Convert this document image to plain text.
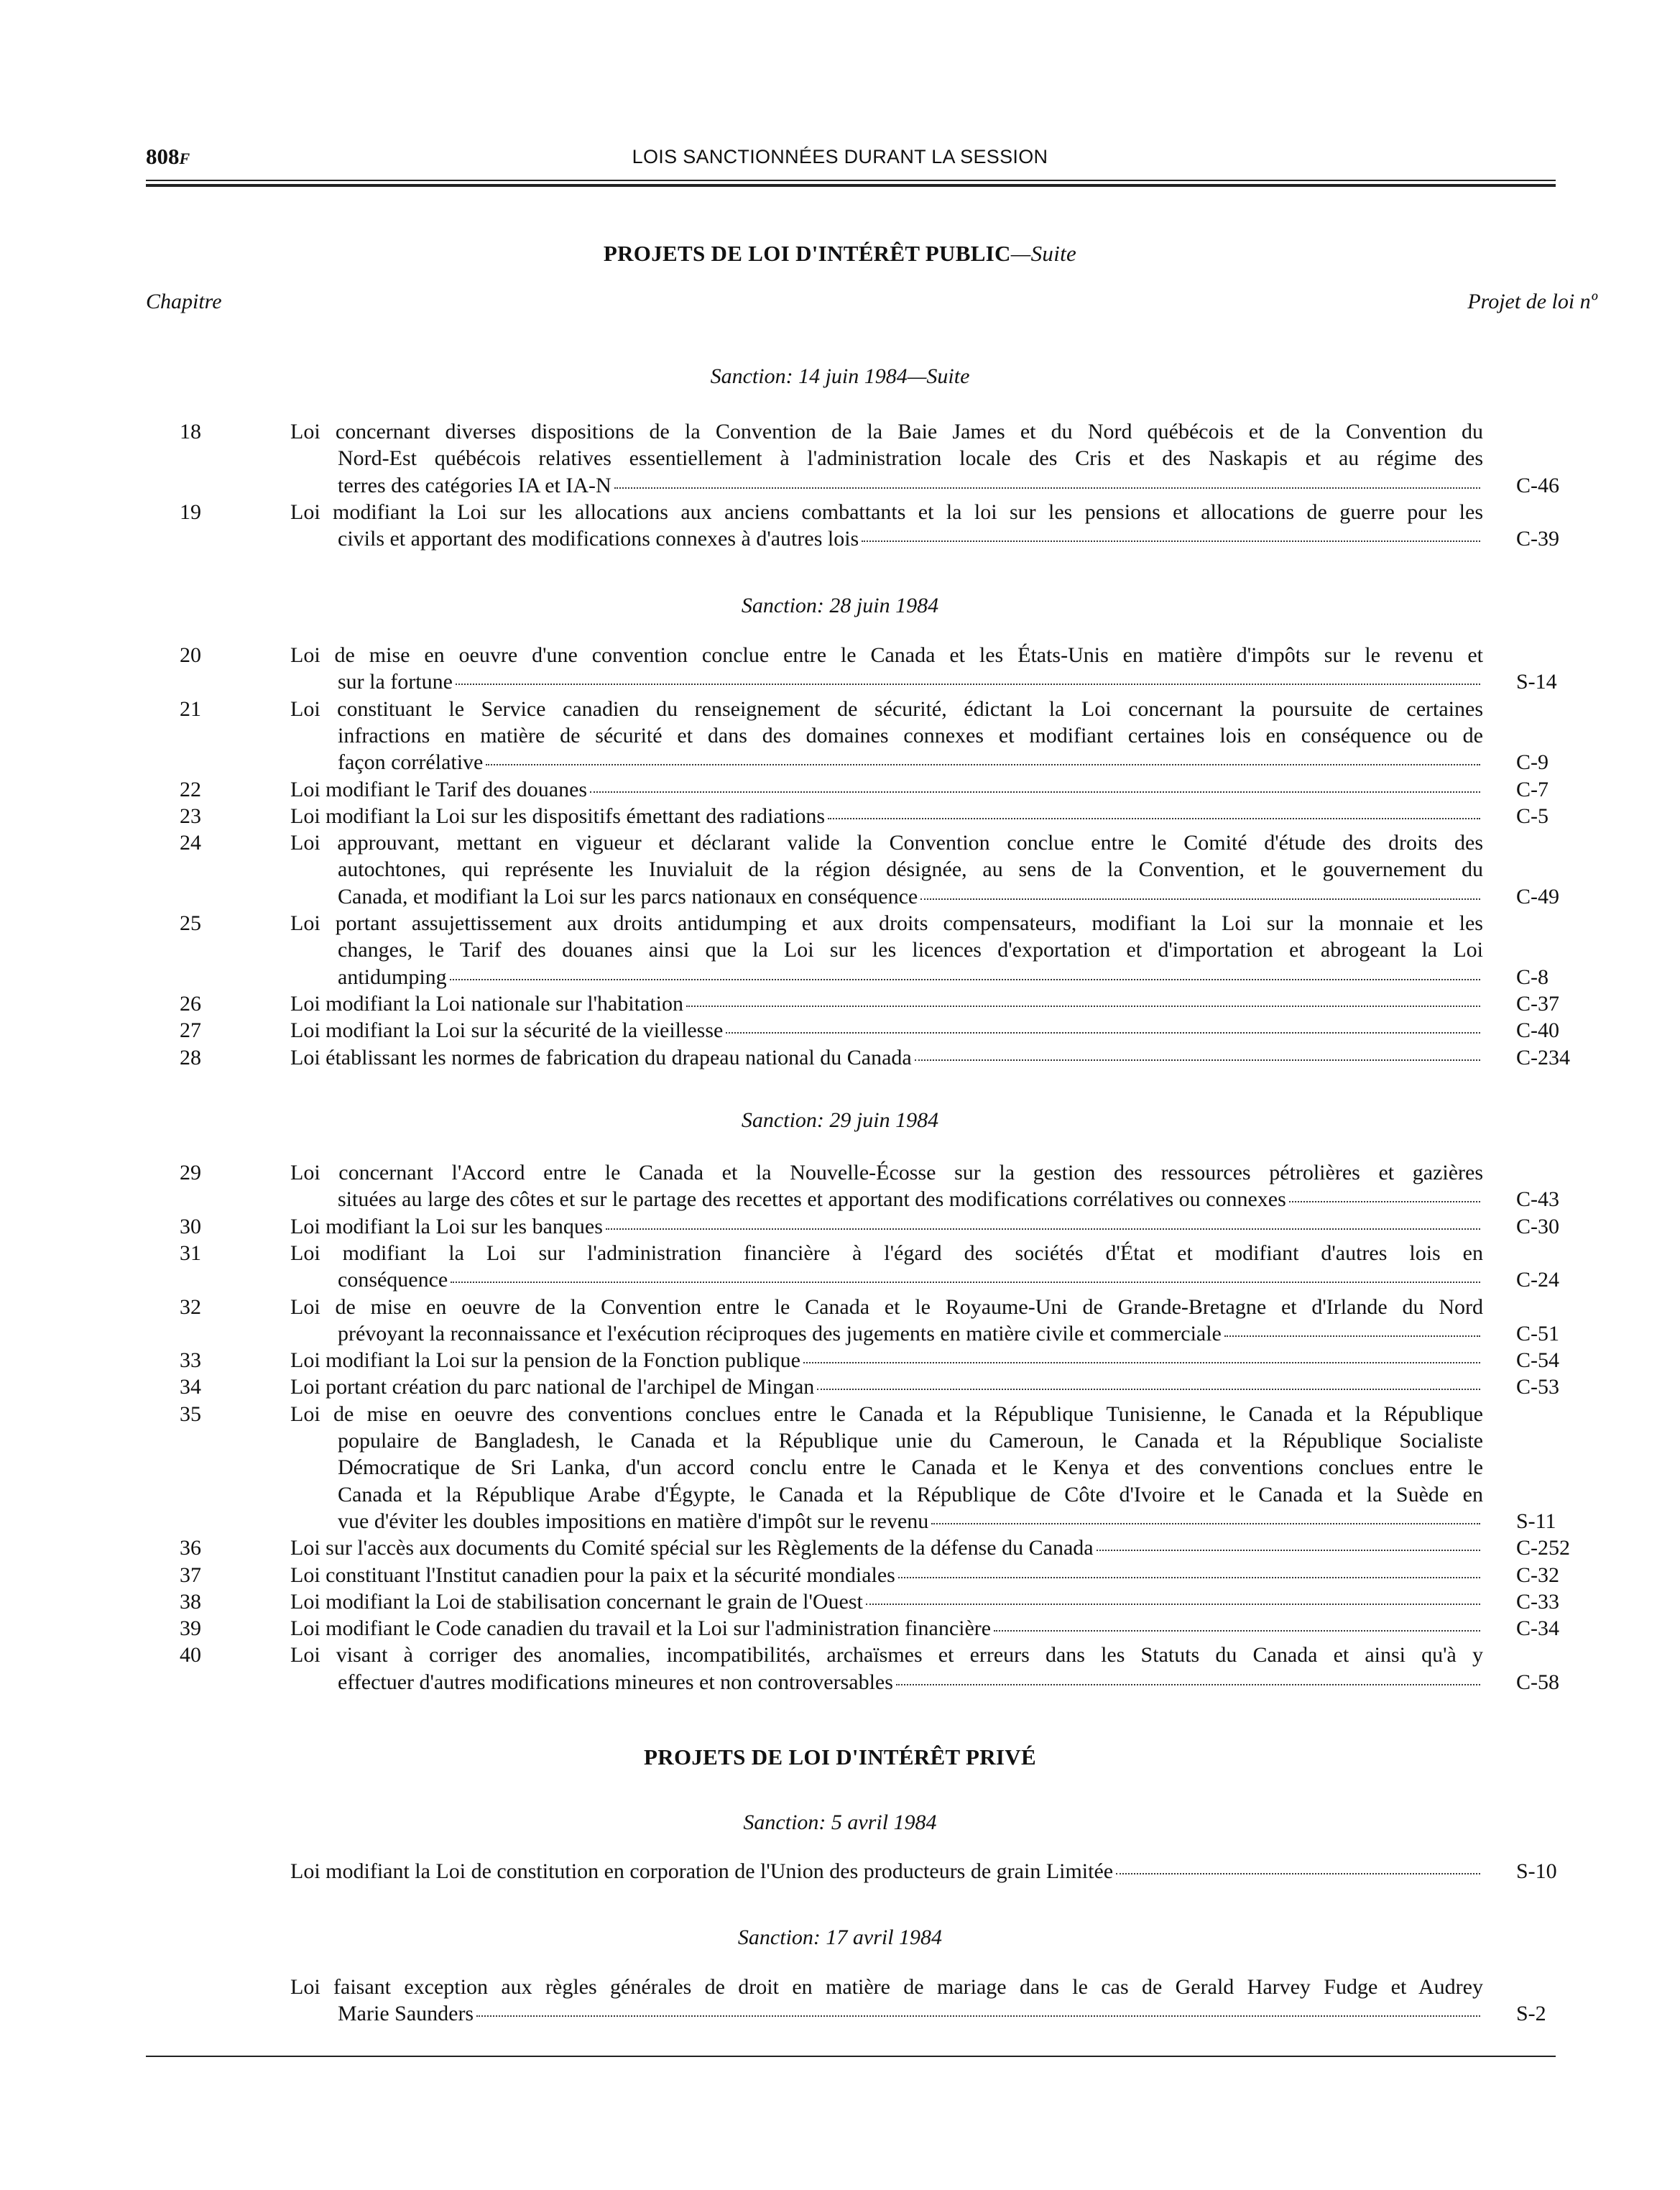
808F	LOIS SANCTIONNÉES DURANT LA SESSION
PROJETS DE LOI D'INTÉRÊT PUBLIC—Suite
Chapitre	Projet de loi nº
Sanction: 14 juin 1984—Suite
18	Loi concernant diverses dispositions de la Convention de la Baie James et du Nord québécois et de la Convention du
Nord-Est québécois relatives essentiellement à l'administration locale des Cris et des Naskapis et au régime des
terres des catégories IA et IA-N	C-46
19	Loi modifiant la Loi sur les allocations aux anciens combattants et la loi sur les pensions et allocations de guerre pour les
civils et apportant des modifications connexes à d'autres lois	C-39
Sanction: 28 juin 1984
20	Loi de mise en oeuvre d'une convention conclue entre le Canada et les États-Unis en matière d'impôts sur le revenu et
sur la fortune	S-14
21	Loi constituant le Service canadien du renseignement de sécurité, édictant la Loi concernant la poursuite de certaines
infractions en matière de sécurité et dans des domaines connexes et modifiant certaines lois en conséquence ou de
façon corrélative	C-9
22	Loi modifiant le Tarif des douanes	C-7
23	Loi modifiant la Loi sur les dispositifs émettant des radiations	C-5
24	Loi approuvant, mettant en vigueur et déclarant valide la Convention conclue entre le Comité d'étude des droits des
autochtones, qui représente les Inuvialuit de la région désignée, au sens de la Convention, et le gouvernement du
Canada, et modifiant la Loi sur les parcs nationaux en conséquence	C-49
25	Loi portant assujettissement aux droits antidumping et aux droits compensateurs, modifiant la Loi sur la monnaie et les
changes, le Tarif des douanes ainsi que la Loi sur les licences d'exportation et d'importation et abrogeant la Loi
antidumping	C-8
26	Loi modifiant la Loi nationale sur l'habitation	C-37
27	Loi modifiant la Loi sur la sécurité de la vieillesse	C-40
28	Loi établissant les normes de fabrication du drapeau national du Canada	C-234
Sanction: 29 juin 1984
29	Loi concernant l'Accord entre le Canada et la Nouvelle-Écosse sur la gestion des ressources pétrolières et gazières
situées au large des côtes et sur le partage des recettes et apportant des modifications corrélatives ou connexes	C-43
30	Loi modifiant la Loi sur les banques	C-30
31	Loi modifiant la Loi sur l'administration financière à l'égard des sociétés d'État et modifiant d'autres lois en
conséquence	C-24
32	Loi de mise en oeuvre de la Convention entre le Canada et le Royaume-Uni de Grande-Bretagne et d'Irlande du Nord
prévoyant la reconnaissance et l'exécution réciproques des jugements en matière civile et commerciale	C-51
33	Loi modifiant la Loi sur la pension de la Fonction publique	C-54
34	Loi portant création du parc national de l'archipel de Mingan	C-53
35	Loi de mise en oeuvre des conventions conclues entre le Canada et la République Tunisienne, le Canada et la République
populaire de Bangladesh, le Canada et la République unie du Cameroun, le Canada et la République Socialiste
Démocratique de Sri Lanka, d'un accord conclu entre le Canada et le Kenya et des conventions conclues entre le
Canada et la République Arabe d'Égypte, le Canada et la République de Côte d'Ivoire et le Canada et la Suède en
vue d'éviter les doubles impositions en matière d'impôt sur le revenu	S-11
36	Loi sur l'accès aux documents du Comité spécial sur les Règlements de la défense du Canada	C-252
37	Loi constituant l'Institut canadien pour la paix et la sécurité mondiales	C-32
38	Loi modifiant la Loi de stabilisation concernant le grain de l'Ouest	C-33
39	Loi modifiant le Code canadien du travail et la Loi sur l'administration financière	C-34
40	Loi visant à corriger des anomalies, incompatibilités, archaïsmes et erreurs dans les Statuts du Canada et ainsi qu'à y
effectuer d'autres modifications mineures et non controversables	C-58
PROJETS DE LOI D'INTÉRÊT PRIVÉ
Sanction: 5 avril 1984
Loi modifiant la Loi de constitution en corporation de l'Union des producteurs de grain Limitée	S-10
Sanction: 17 avril 1984
Loi faisant exception aux règles générales de droit en matière de mariage dans le cas de Gerald Harvey Fudge et Audrey
Marie Saunders	S-2
